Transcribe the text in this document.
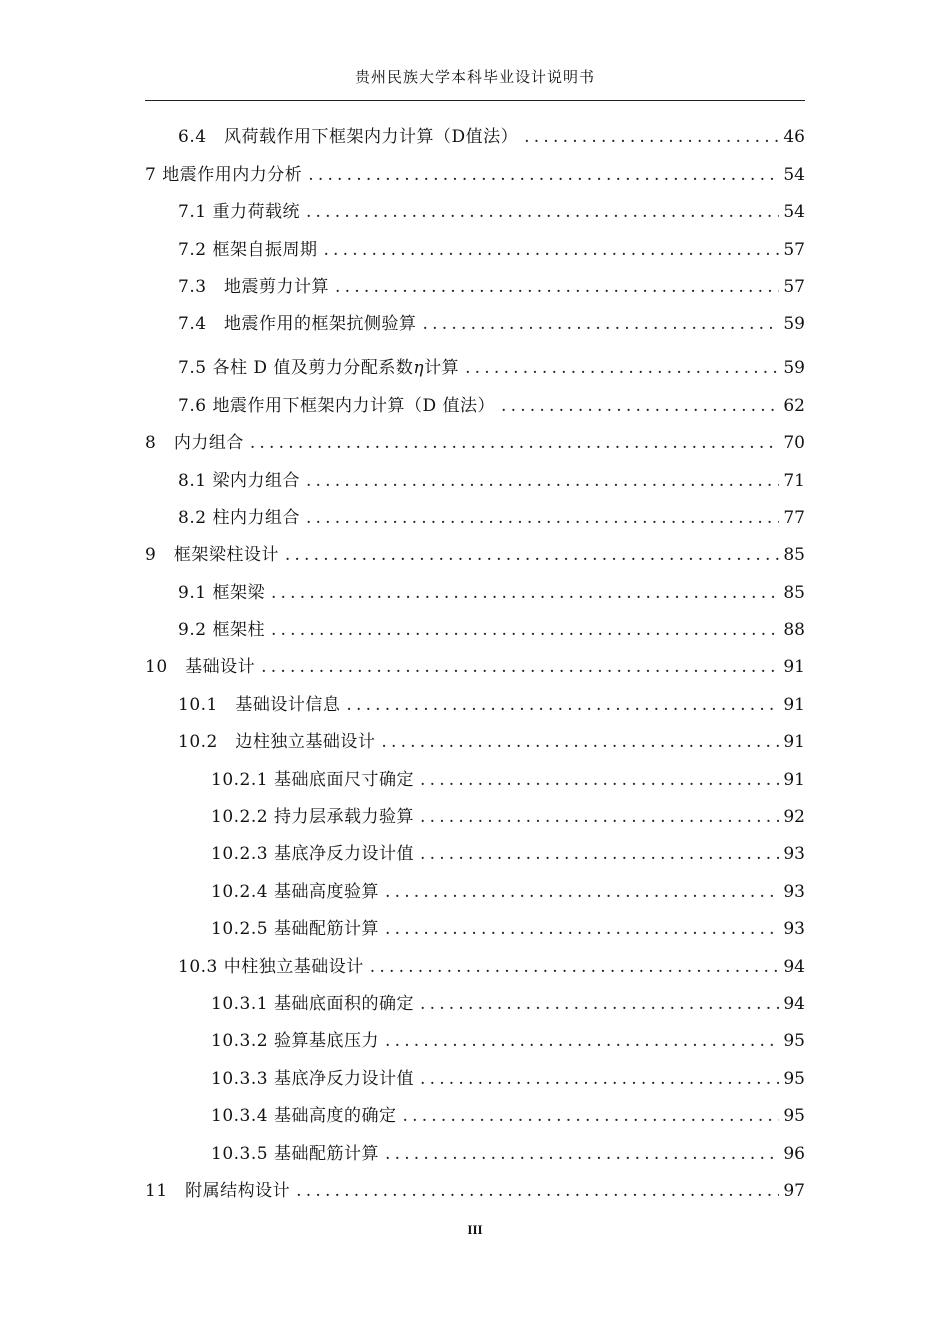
贵州民族大学本科毕业设计说明书
6.4　风荷载作用下框架内力计算（D值法） .....	46
7 地震作用内力分析 .....	54
7.1 重力荷载统 .....	54
7.2 框架自振周期 .....	57
7.3　地震剪力计算 .....	57
7.4　地震作用的框架抗侧验算 .....	59
7.5 各柱 D 值及剪力分配系数η计算 .....	59
7.6 地震作用下框架内力计算（D 值法） .....	62
8　内力组合 .....	70
8.1 梁内力组合 .....	71
8.2 柱内力组合 .....	77
9　框架梁柱设计 .....	85
9.1 框架梁 .....	85
9.2 框架柱 .....	88
10　基础设计 .....	91
10.1　基础设计信息 .....	91
10.2　边柱独立基础设计 .....	91
10.2.1 基础底面尺寸确定 .....	91
10.2.2 持力层承载力验算 .....	92
10.2.3 基底净反力设计值 .....	93
10.2.4 基础高度验算 .....	93
10.2.5 基础配筋计算 .....	93
10.3 中柱独立基础设计 .....	94
10.3.1 基础底面积的确定 .....	94
10.3.2 验算基底压力 .....	95
10.3.3 基底净反力设计值 .....	95
10.3.4 基础高度的确定 .....	95
10.3.5 基础配筋计算 .....	96
11　附属结构设计 .....	97
III
